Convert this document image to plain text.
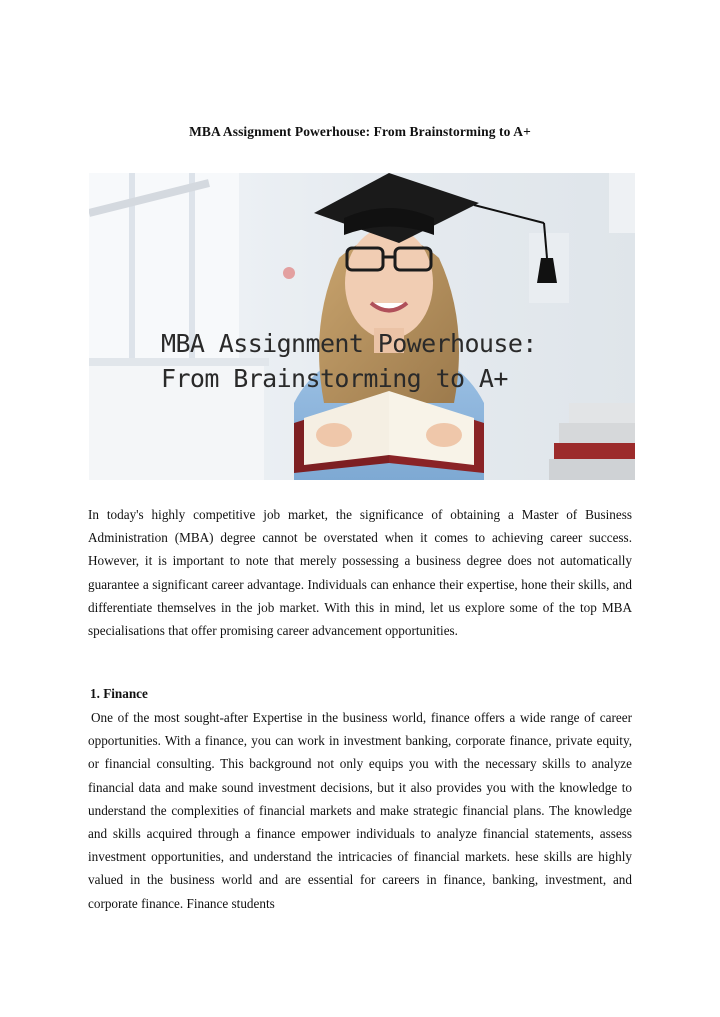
MBA Assignment Powerhouse: From Brainstorming to A+
MBA Assignment Powerhouse:
From Brainstorming to A+

In today's highly competitive job market, the significance of obtaining a Master of Business Administration (MBA) degree cannot be overstated when it comes to achieving career success. However, it is important to note that merely possessing a business degree does not automatically guarantee a significant career advantage. Individuals can enhance their expertise, hone their skills, and differentiate themselves in the job market. With this in mind, let us explore some of the top MBA specialisations that offer promising career advancement opportunities.

1. Finance

One of the most sought-after Expertise in the business world, finance offers a wide range of career opportunities. With a finance, you can work in investment banking, corporate finance, private equity, or financial consulting. This background not only equips you with the necessary skills to analyze financial data and make sound investment decisions, but it also provides you with the knowledge to understand the complexities of financial markets and make strategic financial plans. The knowledge and skills acquired through a finance empower individuals to analyze financial statements, assess investment opportunities, and understand the intricacies of financial markets. hese skills are highly valued in the business world and are essential for careers in finance, banking, investment, and corporate finance. Finance students
